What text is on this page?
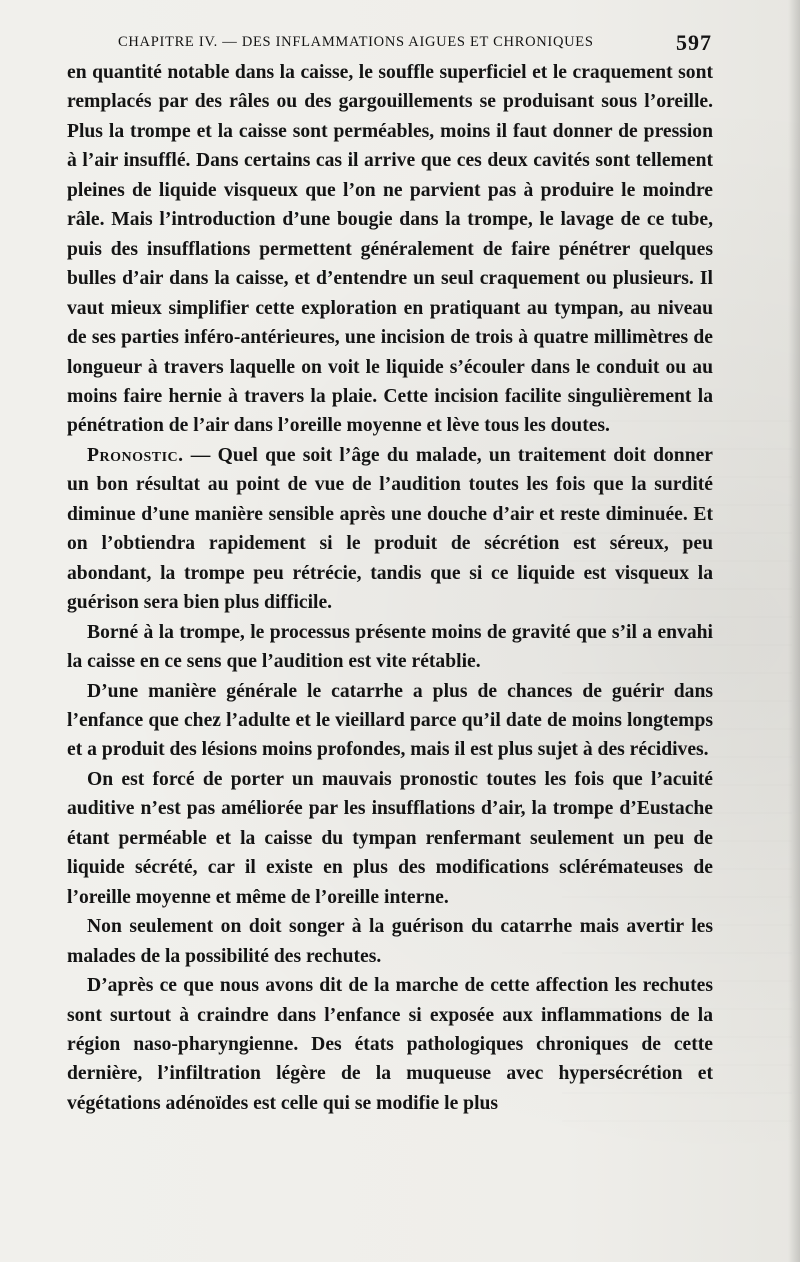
CHAPITRE IV. — DES INFLAMMATIONS AIGUES ET CHRONIQUES	597

en quantité notable dans la caisse, le souffle superficiel et le craquement sont remplacés par des râles ou des gargouillements se produisant sous l’oreille. Plus la trompe et la caisse sont perméables, moins il faut donner de pression à l’air insufflé. Dans certains cas il arrive que ces deux cavités sont tellement pleines de liquide visqueux que l’on ne parvient pas à produire le moindre râle. Mais l’introduction d’une bougie dans la trompe, le lavage de ce tube, puis des insufflations permettent généralement de faire pénétrer quelques bulles d’air dans la caisse, et d’entendre un seul craquement ou plusieurs. Il vaut mieux simplifier cette exploration en pratiquant au tympan, au niveau de ses parties inféro-antérieures, une incision de trois à quatre millimètres de longueur à travers laquelle on voit le liquide s’écouler dans le conduit ou au moins faire hernie à travers la plaie. Cette incision facilite singulièrement la pénétration de l’air dans l’oreille moyenne et lève tous les doutes.

Pronostic. — Quel que soit l’âge du malade, un traitement doit donner un bon résultat au point de vue de l’audition toutes les fois que la surdité diminue d’une manière sensible après une douche d’air et reste diminuée. Et on l’obtiendra rapidement si le produit de sécrétion est séreux, peu abondant, la trompe peu rétrécie, tandis que si ce liquide est visqueux la guérison sera bien plus difficile.

Borné à la trompe, le processus présente moins de gravité que s’il a envahi la caisse en ce sens que l’audition est vite rétablie.

D’une manière générale le catarrhe a plus de chances de guérir dans l’enfance que chez l’adulte et le vieillard parce qu’il date de moins longtemps et a produit des lésions moins profondes, mais il est plus sujet à des récidives.

On est forcé de porter un mauvais pronostic toutes les fois que l’acuité auditive n’est pas améliorée par les insufflations d’air, la trompe d’Eustache étant perméable et la caisse du tympan renfermant seulement un peu de liquide sécrété, car il existe en plus des modifications sclérémateuses de l’oreille moyenne et même de l’oreille interne.

Non seulement on doit songer à la guérison du catarrhe mais avertir les malades de la possibilité des rechutes.

D’après ce que nous avons dit de la marche de cette affection les rechutes sont surtout à craindre dans l’enfance si exposée aux inflammations de la région naso-pharyngienne. Des états pathologiques chroniques de cette dernière, l’infiltration légère de la muqueuse avec hypersécrétion et végétations adénoïdes est celle qui se modifie le plus
